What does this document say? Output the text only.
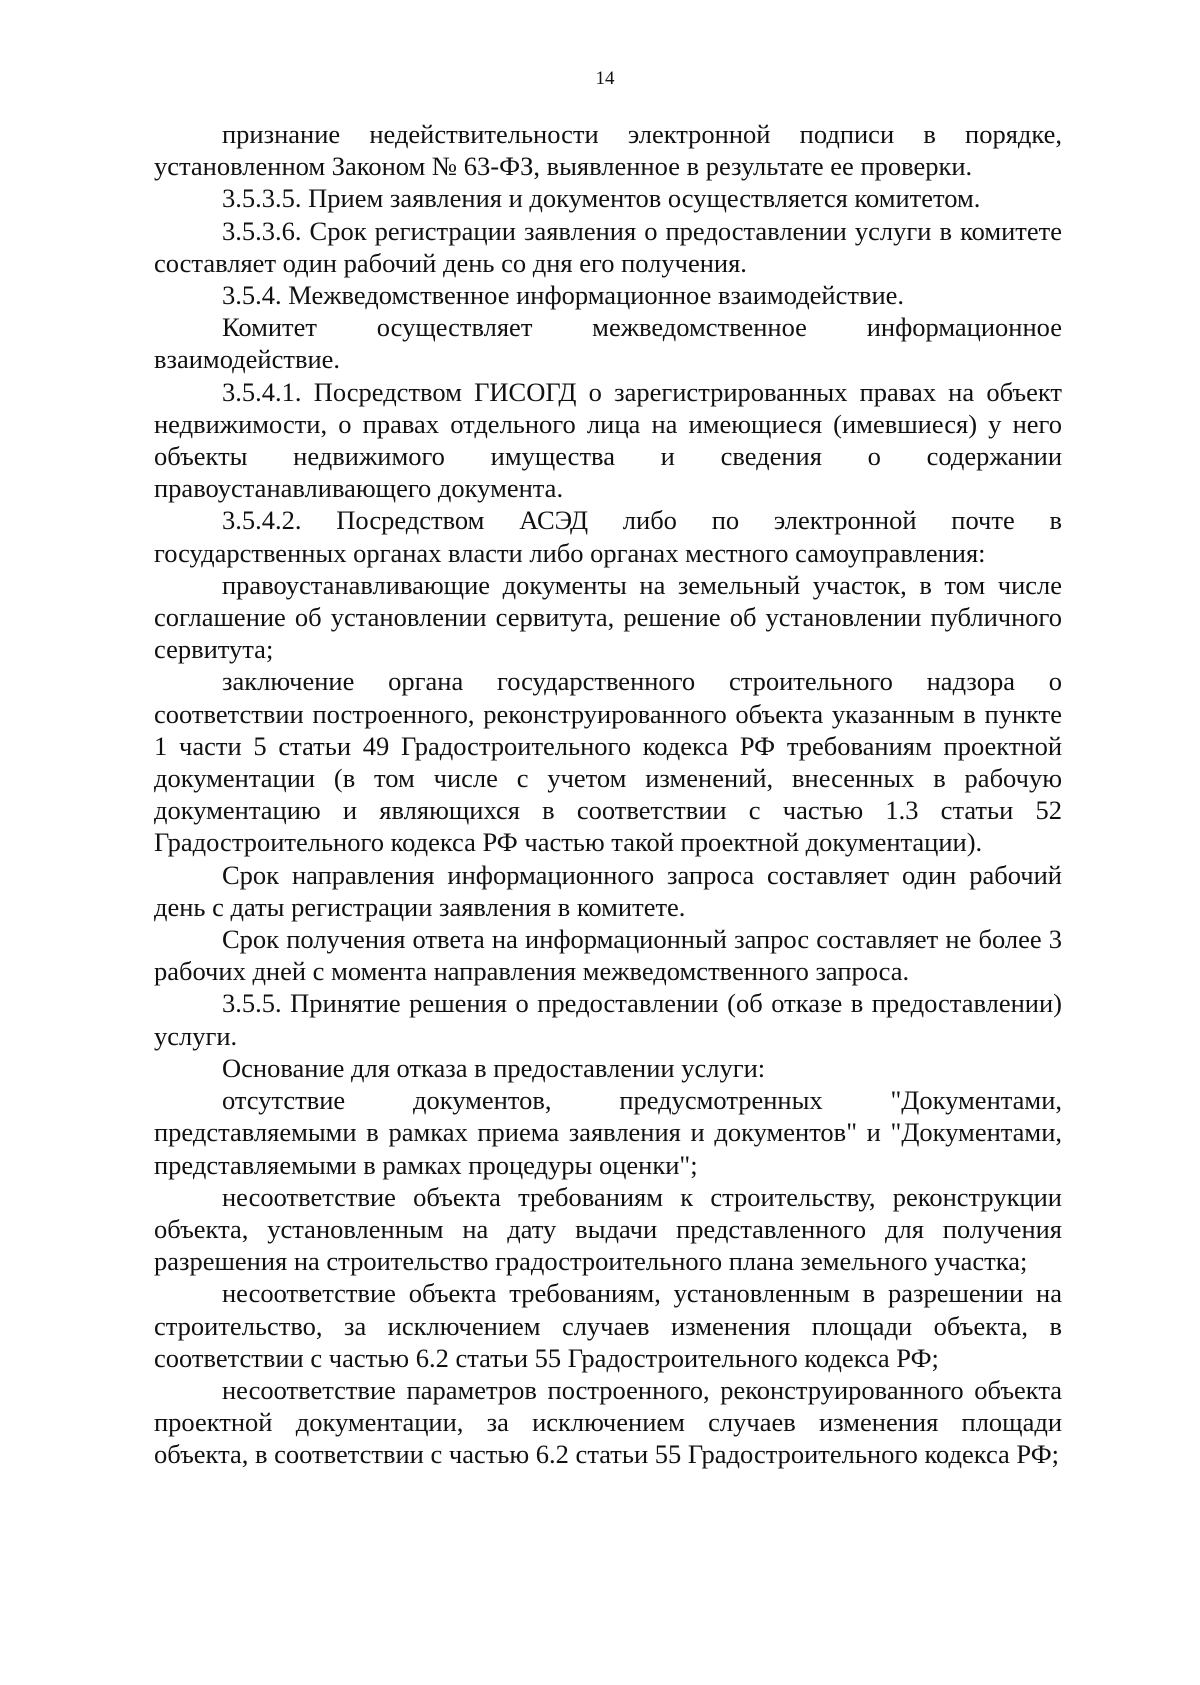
14

признание недействительности электронной подписи в порядке, установленном Законом № 63-ФЗ, выявленное в результате ее проверки.

3.5.3.5. Прием заявления и документов осуществляется комитетом.

3.5.3.6. Срок регистрации заявления о предоставлении услуги в комитете составляет один рабочий день со дня его получения.

3.5.4. Межведомственное информационное взаимодействие.

Комитет осуществляет межведомственное информационное взаимодействие.

3.5.4.1. Посредством ГИСОГД о зарегистрированных правах на объект недвижимости, о правах отдельного лица на имеющиеся (имевшиеся) у него объекты недвижимого имущества и сведения о содержании правоустанавливающего документа.

3.5.4.2. Посредством АСЭД либо по электронной почте в государственных органах власти либо органах местного самоуправления:

правоустанавливающие документы на земельный участок, в том числе соглашение об установлении сервитута, решение об установлении публичного сервитута;

заключение органа государственного строительного надзора о соответствии построенного, реконструированного объекта указанным в пункте 1 части 5 статьи 49 Градостроительного кодекса РФ требованиям проектной документации (в том числе с учетом изменений, внесенных в рабочую документацию и являющихся в соответствии с частью 1.3 статьи 52 Градостроительного кодекса РФ частью такой проектной документации).

Срок направления информационного запроса составляет один рабочий день с даты регистрации заявления в комитете.

Срок получения ответа на информационный запрос составляет не более 3 рабочих дней с момента направления межведомственного запроса.

3.5.5. Принятие решения о предоставлении (об отказе в предоставлении) услуги.

Основание для отказа в предоставлении услуги:

отсутствие документов, предусмотренных "Документами, представляемыми в рамках приема заявления и документов" и "Документами, представляемыми в рамках процедуры оценки";

несоответствие объекта требованиям к строительству, реконструкции объекта, установленным на дату выдачи представленного для получения разрешения на строительство градостроительного плана земельного участка;

несоответствие объекта требованиям, установленным в разрешении на строительство, за исключением случаев изменения площади объекта, в соответствии с частью 6.2 статьи 55 Градостроительного кодекса РФ;

несоответствие параметров построенного, реконструированного объекта проектной документации, за исключением случаев изменения площади объекта, в соответствии с частью 6.2 статьи 55 Градостроительного кодекса РФ;
